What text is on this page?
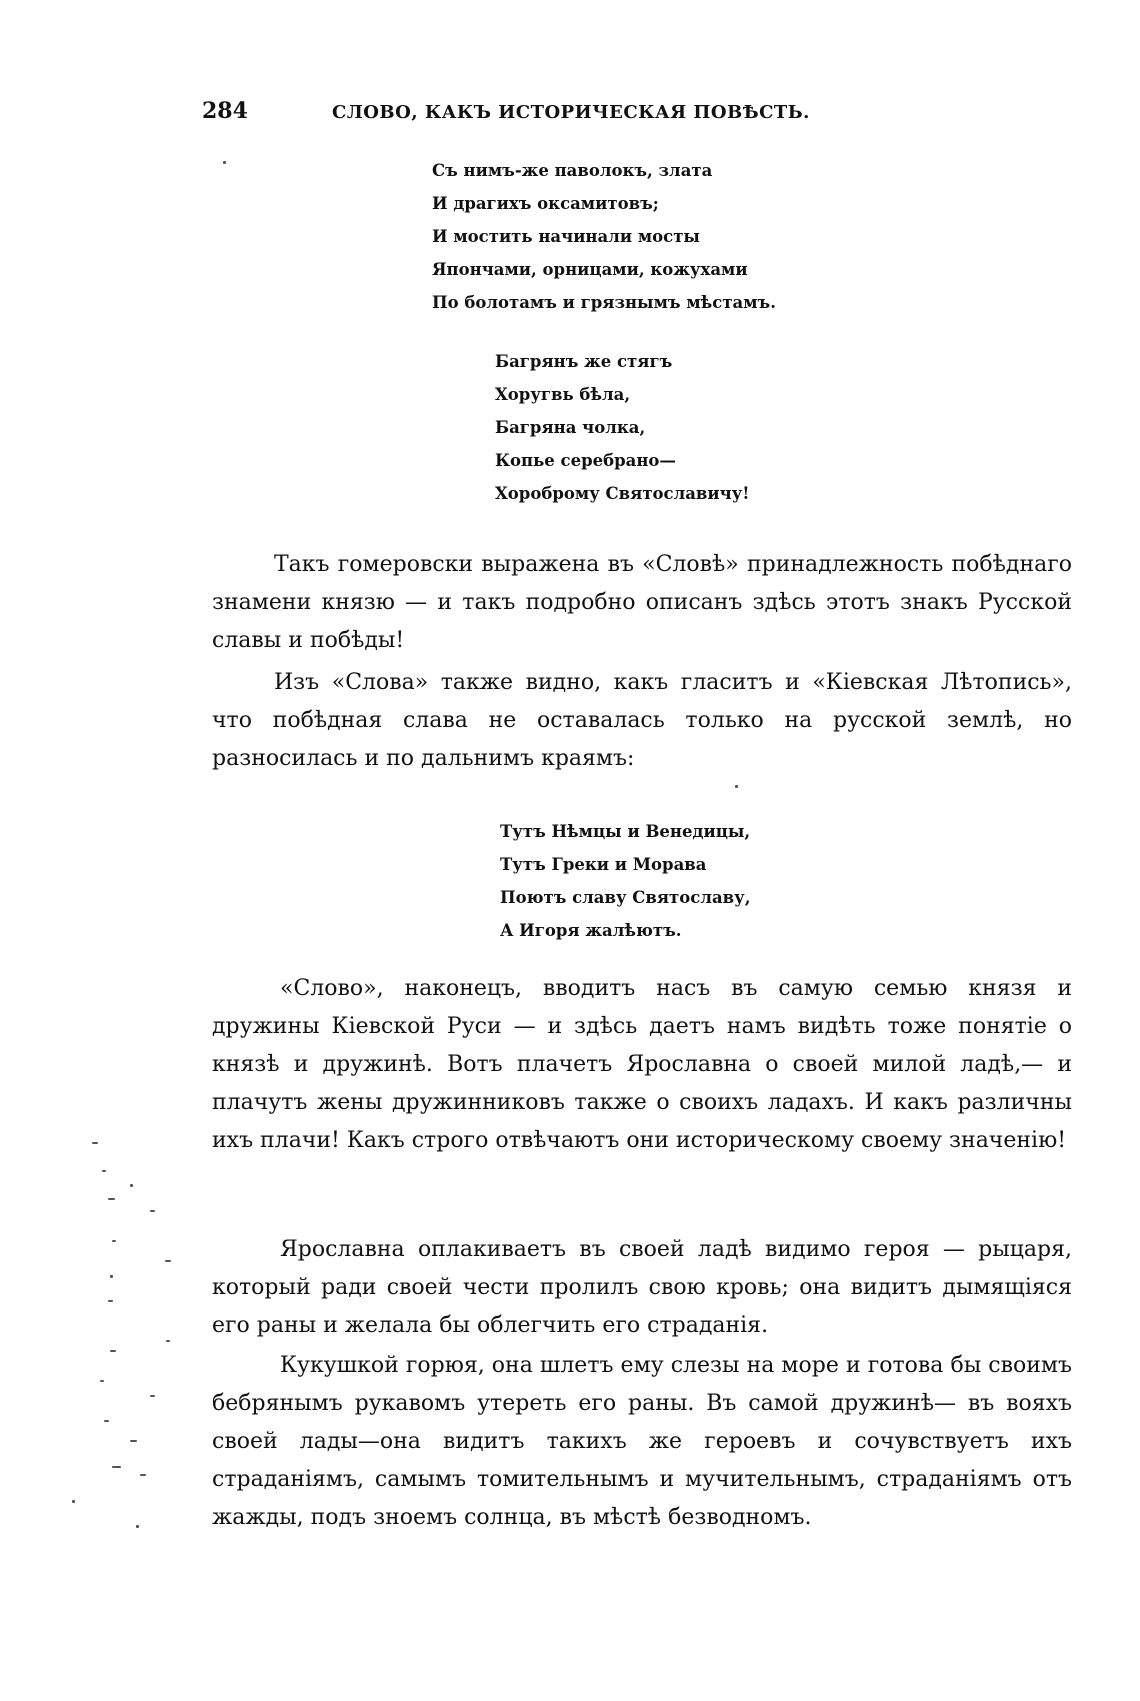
284	СЛОВО, КАКЪ ИСТОРИЧЕСКАЯ ПОВѢСТЬ.
Съ нимъ-же паволокъ, злата
И драгихъ оксамитовъ;
И мостить начинали мосты
Япончами, орницами, кожухами
По болотамъ и грязнымъ мѣстамъ.
Багрянъ же стягъ
Хоругвь бѣла,
Багряна чолка,
Копье серебрано—
Хороброму Святославичу!

Такъ гомеровски выражена въ «Словѣ» принадлежность побѣднаго знамени князю — и такъ подробно описанъ здѣсь этотъ знакъ Русской славы и побѣды!

Изъ «Слова» также видно, какъ гласитъ и «Кіевская Лѣтопись», что побѣдная слава не оставалась только на русской землѣ, но разносилась и по дальнимъ краямъ:

Тутъ Нѣмцы и Венедицы,
Тутъ Греки и Морава
Поютъ славу Святославу,
А Игоря жалѣютъ.

«Слово», наконецъ, вводитъ насъ въ самую семью князя и дружины Кіевской Руси — и здѣсь даетъ намъ видѣть тоже понятіе о князѣ и дружинѣ. Вотъ плачетъ Ярославна о своей милой ладѣ,— и плачутъ жены дружинниковъ также о своихъ ладахъ. И какъ различны ихъ плачи! Какъ строго отвѣчаютъ они историческому своему значенію!

Ярославна оплакиваетъ въ своей ладѣ видимо героя — рыцаря, который ради своей чести пролилъ свою кровь; она видитъ дымящіяся его раны и желала бы облегчить его страданія.

Кукушкой горюя, она шлетъ ему слезы на море и готова бы своимъ бебрянымъ рукавомъ утереть его раны. Въ самой дружинѣ— въ вояхъ своей лады—она видитъ такихъ же героевъ и сочувствуетъ ихъ страданіямъ, самымъ томительнымъ и мучительнымъ, страданіямъ отъ жажды, подъ зноемъ солнца, въ мѣстѣ безводномъ.
